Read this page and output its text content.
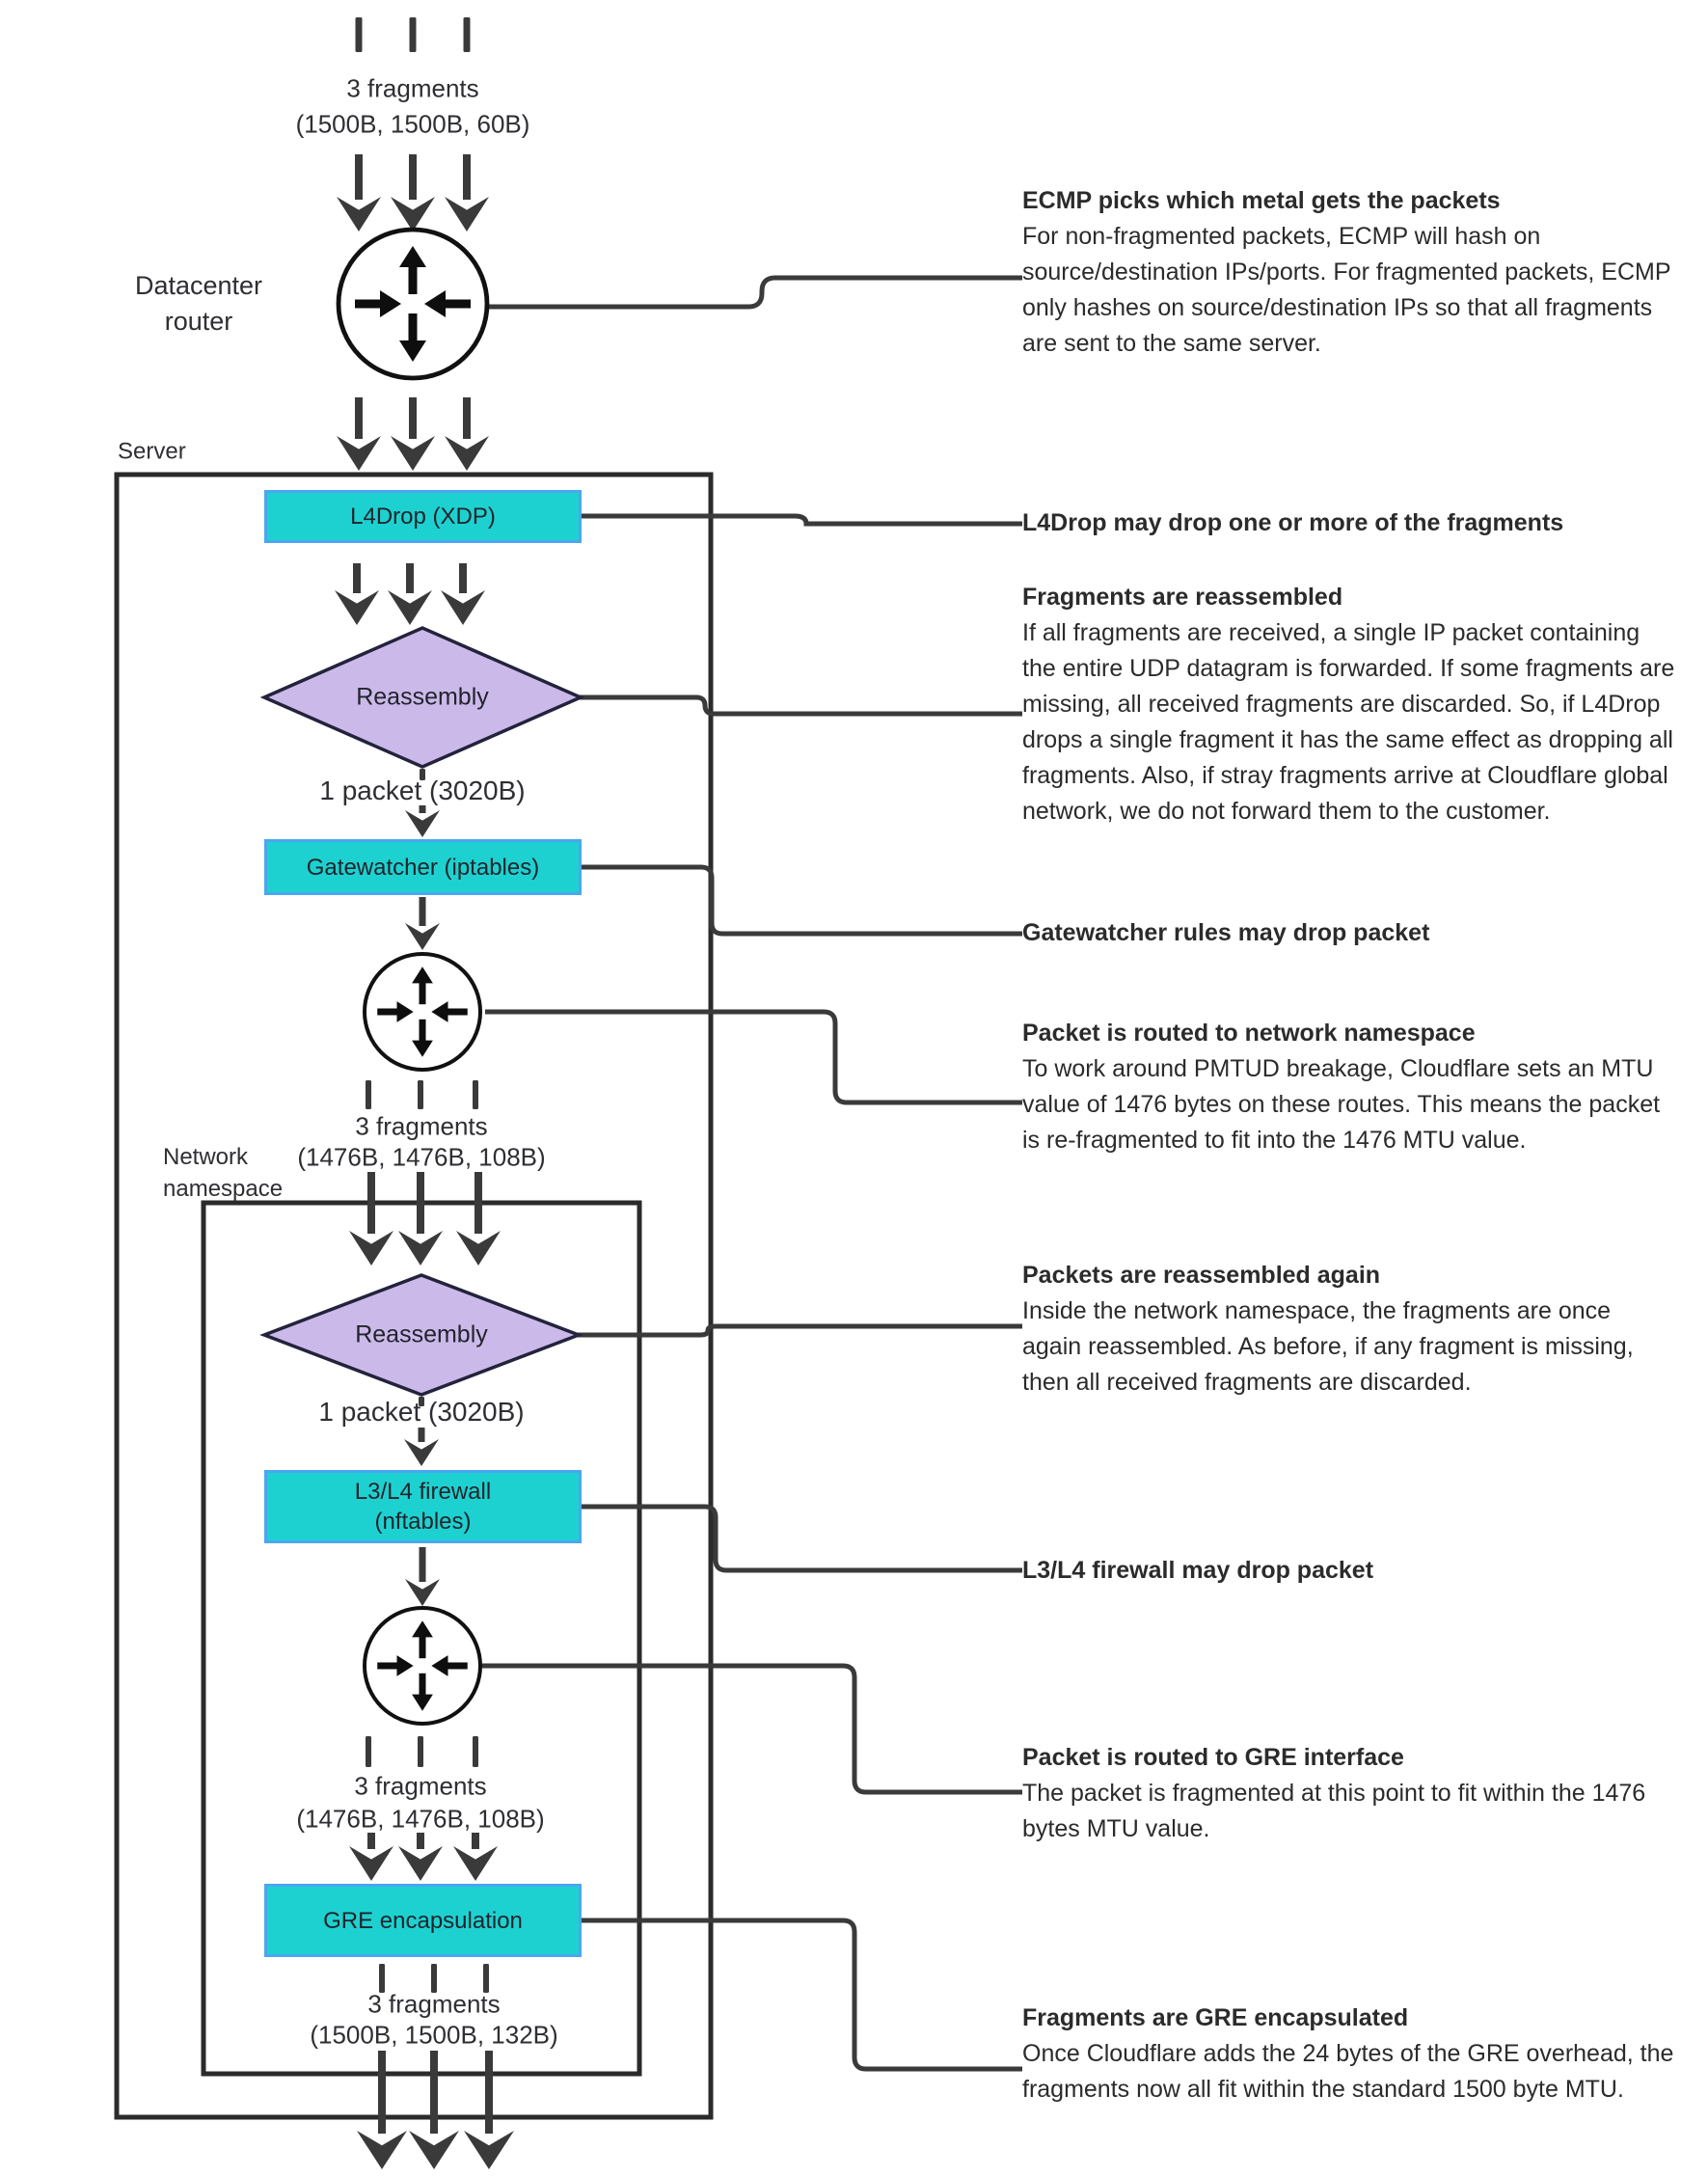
L4Drop (XDP)
Gatewatcher (iptables)
L3/L4 firewall
(nftables)
GRE encapsulation
3 fragments
(1500B, 1500B, 60B)
Datacenter router
Server
Reassembly
1 packet (3020B)
3 fragments
(1476B, 1476B, 108B)
Network namespace
Reassembly
1 packet (3020B)
3 fragments
(1476B, 1476B, 108B)
3 fragments
(1500B, 1500B, 132B)
ECMP picks which metal gets the packets
For non-fragmented packets, ECMP will hash on source/destination IPs/ports. For fragmented packets, ECMP only hashes on source/destination IPs so that all fragments are sent to the same server.
L4Drop may drop one or more of the fragments
Fragments are reassembled
If all fragments are received, a single IP packet containing the entire UDP datagram is forwarded. If some fragments are missing, all received fragments are discarded. So, if L4Drop drops a single fragment it has the same effect as dropping all fragments. Also, if stray fragments arrive at Cloudflare global network, we do not forward them to the customer.
Gatewatcher rules may drop packet
Packet is routed to network namespace
To work around PMTUD breakage, Cloudflare sets an MTU value of 1476 bytes on these routes. This means the packet is re-fragmented to fit into the 1476 MTU value.
Packets are reassembled again
Inside the network namespace, the fragments are once again reassembled. As before, if any fragment is missing, then all received fragments are discarded.
L3/L4 firewall may drop packet
Packet is routed to GRE interface
The packet is fragmented at this point to fit within the 1476 bytes MTU value.
Fragments are GRE encapsulated
Once Cloudflare adds the 24 bytes of the GRE overhead, the fragments now all fit within the standard 1500 byte MTU.
